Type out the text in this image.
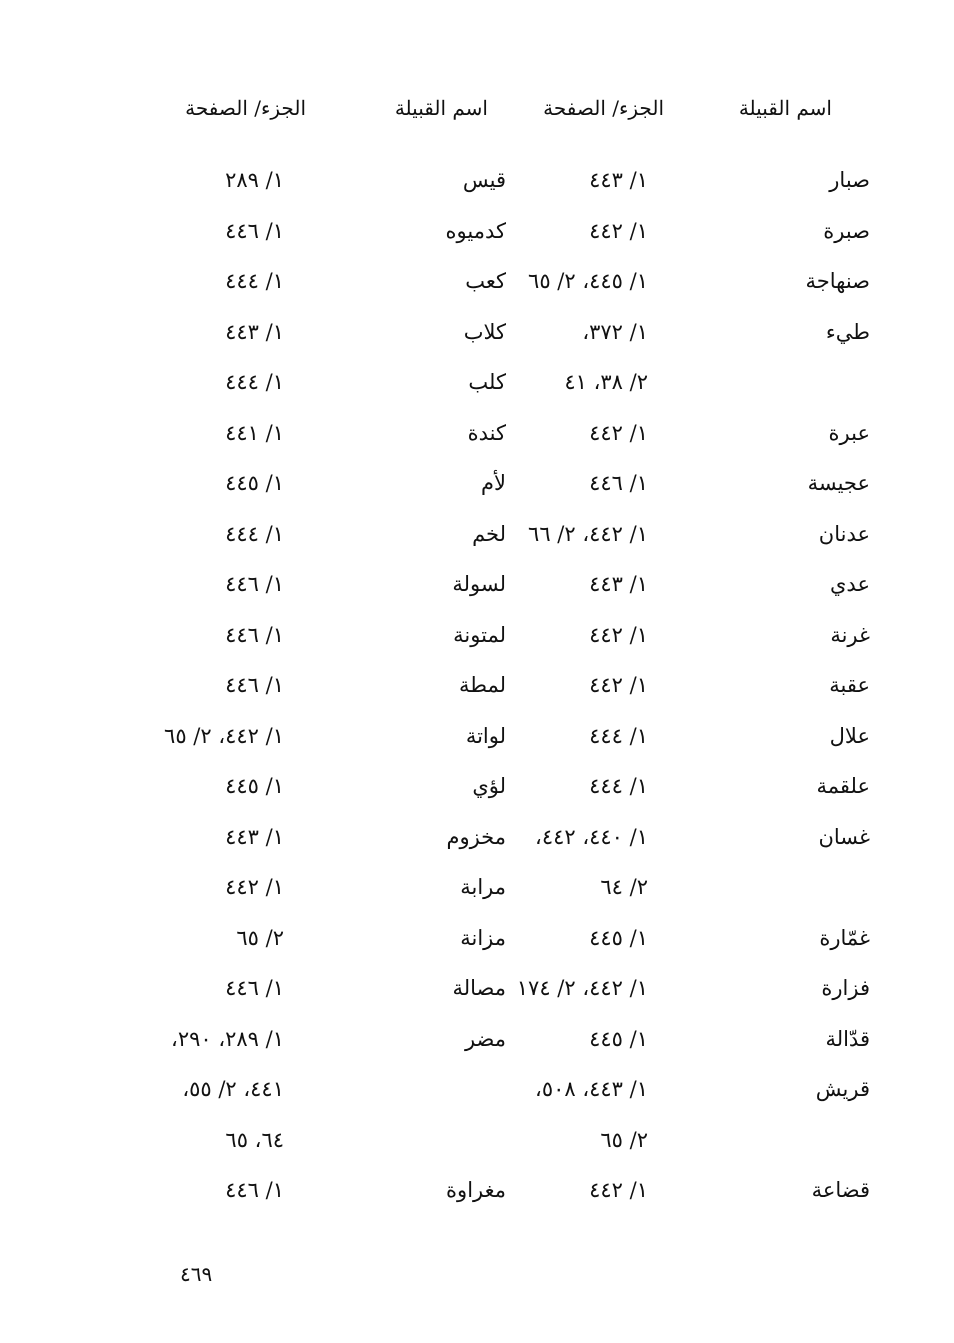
اسم القبيلة
الجزء/ الصفحة
اسم القبيلة
الجزء/ الصفحة
صبار
١/ ٤٤٣
قيس
١/ ٢٨٩
صبرة
١/ ٤٤٢
كدميوه
١/ ٤٤٦
صنهاجة
١/ ٤٤٥، ٢/ ٦٥
كعب
١/ ٤٤٤
طيء
١/ ٣٧٢،
كلاب
١/ ٤٤٣
٢/ ٣٨، ٤١
كلب
١/ ٤٤٤
عبرة
١/ ٤٤٢
كندة
١/ ٤٤١
عجيسة
١/ ٤٤٦
لأم
١/ ٤٤٥
عدنان
١/ ٤٤٢، ٢/ ٦٦
لخم
١/ ٤٤٤
عدي
١/ ٤٤٣
لسولة
١/ ٤٤٦
غرنة
١/ ٤٤٢
لمتونة
١/ ٤٤٦
عقبة
١/ ٤٤٢
لمطة
١/ ٤٤٦
علال
١/ ٤٤٤
لواتة
١/ ٤٤٢، ٢/ ٦٥
علقمة
١/ ٤٤٤
لؤي
١/ ٤٤٥
غسان
١/ ٤٤٠، ٤٤٢،
مخزوم
١/ ٤٤٣
٢/ ٦٤
مرابة
١/ ٤٤٢
غمّارة
١/ ٤٤٥
مزانة
٢/ ٦٥
فزارة
١/ ٤٤٢، ٢/ ١٧٤
مصالة
١/ ٤٤٦
قدّالة
١/ ٤٤٥
مضر
١/ ٢٨٩، ٢٩٠،
قريش
١/ ٤٤٣، ٥٠٨،
٤٤١، ٢/ ٥٥،
٢/ ٦٥
٦٤، ٦٥
قضاعة
١/ ٤٤٢
مغراوة
١/ ٤٤٦
٤٦٩
